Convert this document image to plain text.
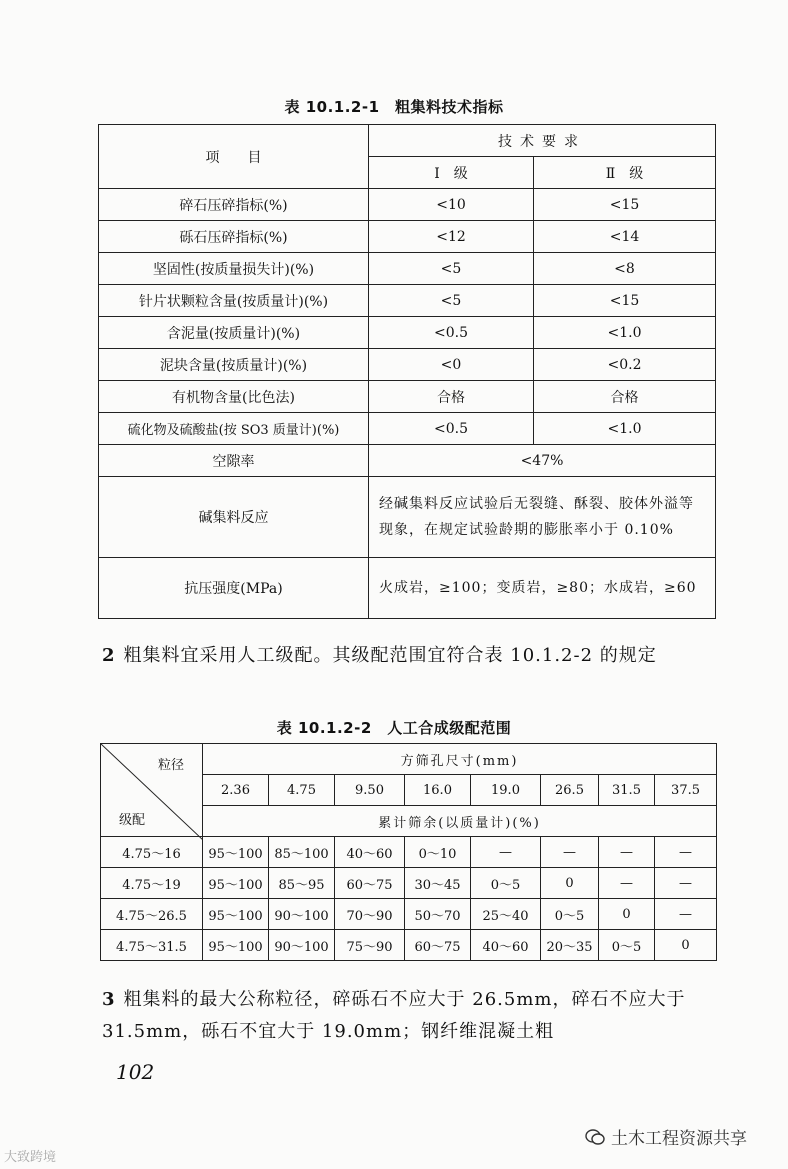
表 10.1.2-1　粗集料技术指标
项　　目	技术要求	
	Ⅰ　级	Ⅱ　级
碎石压碎指标(%)	<10	<15
砾石压碎指标(%)	<12	<14
坚固性(按质量损失计)(%)	<5	<8
针片状颗粒含量(按质量计)(%)	<5	<15
含泥量(按质量计)(%)	<0.5	<1.0
泥块含量(按质量计)(%)	<0	<0.2
有机物含量(比色法)	合格	合格
硫化物及硫酸盐(按 SO3 质量计)(%)	<0.5	<1.0
空隙率	<47%	
碱集料反应	经碱集料反应试验后无裂缝、酥裂、胶体外溢等现象，在规定试验龄期的膨胀率小于 0.10%	
抗压强度(MPa)	火成岩，≥100；变质岩，≥80；水成岩，≥60	
2 粗集料宜采用人工级配。其级配范围宜符合表 10.1.2-2 的规定
表 10.1.2-2　人工合成级配范围
粒径
级配	方筛孔尺寸(mm)							
	2.36	4.75	9.50	16.0	19.0	26.5	31.5	37.5
	累计筛余(以质量计)(%)							
4.75～16	95～100	85～100	40～60	0～10	—	—	—	—
4.75～19	95～100	85～95	60～75	30～45	0～5	0	—	—
4.75～26.5	95～100	90～100	70～90	50～70	25～40	0～5	0	—
4.75～31.5	95～100	90～100	75～90	60～75	40～60	20～35	0～5	0
3 粗集料的最大公称粒径，碎砾石不应大于 26.5mm，碎石不应大于 31.5mm，砾石不宜大于 19.0mm；钢纤维混凝土粗
102
大致跨境
土木工程资源共享
